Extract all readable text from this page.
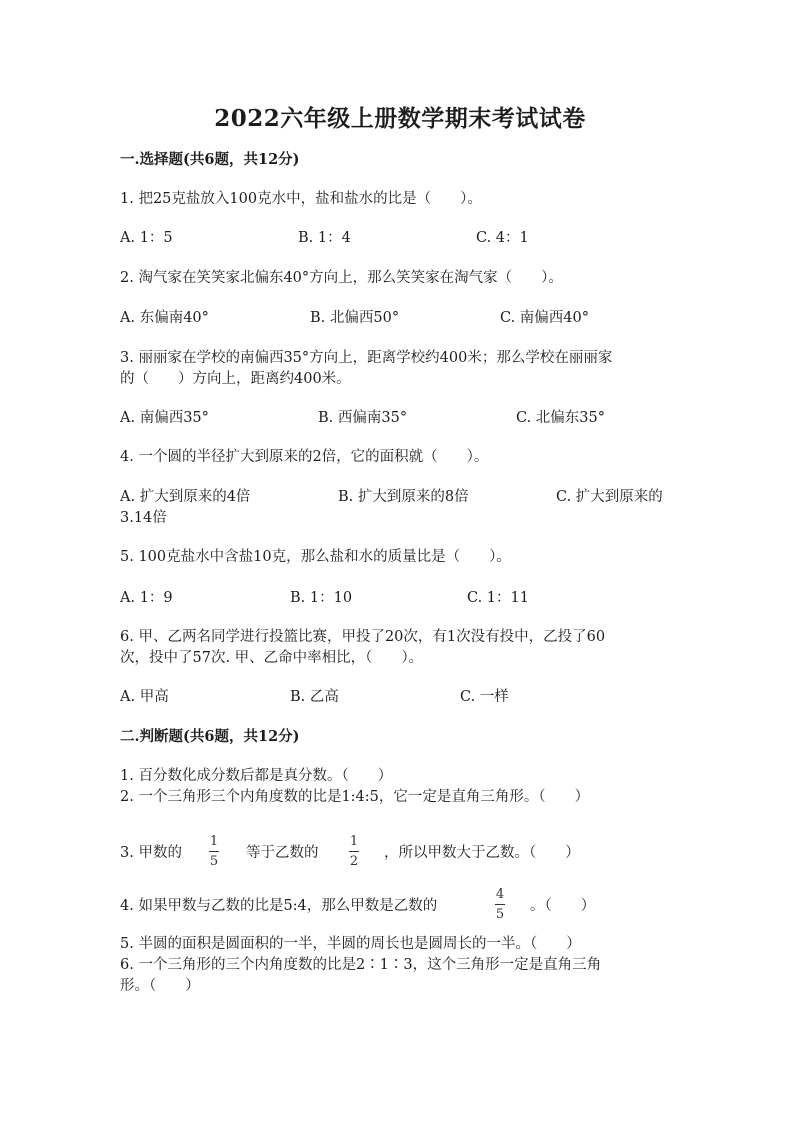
2022六年级上册数学期末考试试卷
一.选择题(共6题，共12分)
1. 把25克盐放入100克水中，盐和盐水的比是（　　）。
A. 1：5	B. 1：4	C. 4：1
2. 淘气家在笑笑家北偏东40°方向上，那么笑笑家在淘气家（　　）。
A. 东偏南40°	B. 北偏西50°	C. 南偏西40°
3. 丽丽家在学校的南偏西35°方向上，距离学校约400米；那么学校在丽丽家
的（　　）方向上，距离约400米。
A. 南偏西35°	B. 西偏南35°	C. 北偏东35°
4. 一个圆的半径扩大到原来的2倍，它的面积就（　　）。
A. 扩大到原来的4倍	B. 扩大到原来的8倍	C. 扩大到原来的
3.14倍
5. 100克盐水中含盐10克，那么盐和水的质量比是（　　）。
A. 1：9	B. 1：10	C. 1：11
6. 甲、乙两名同学进行投篮比赛，甲投了20次，有1次没有投中，乙投了60
次，投中了57次. 甲、乙命中率相比，（　　）。
A. 甲高	B. 乙高	C. 一样
二.判断题(共6题，共12分)
1. 百分数化成分数后都是真分数。（　　）
2. 一个三角形三个内角度数的比是1:4:5，它一定是直角三角形。（　　）
3. 甲数的
1
5
等于乙数的
1
2
，所以甲数大于乙数。（　　）
4. 如果甲数与乙数的比是5:4，那么甲数是乙数的
4
5
。（　　）
5. 半圆的面积是圆面积的一半，半圆的周长也是圆周长的一半。（　　）
6. 一个三角形的三个内角度数的比是2∶1∶3，这个三角形一定是直角三角
形。（　　）
